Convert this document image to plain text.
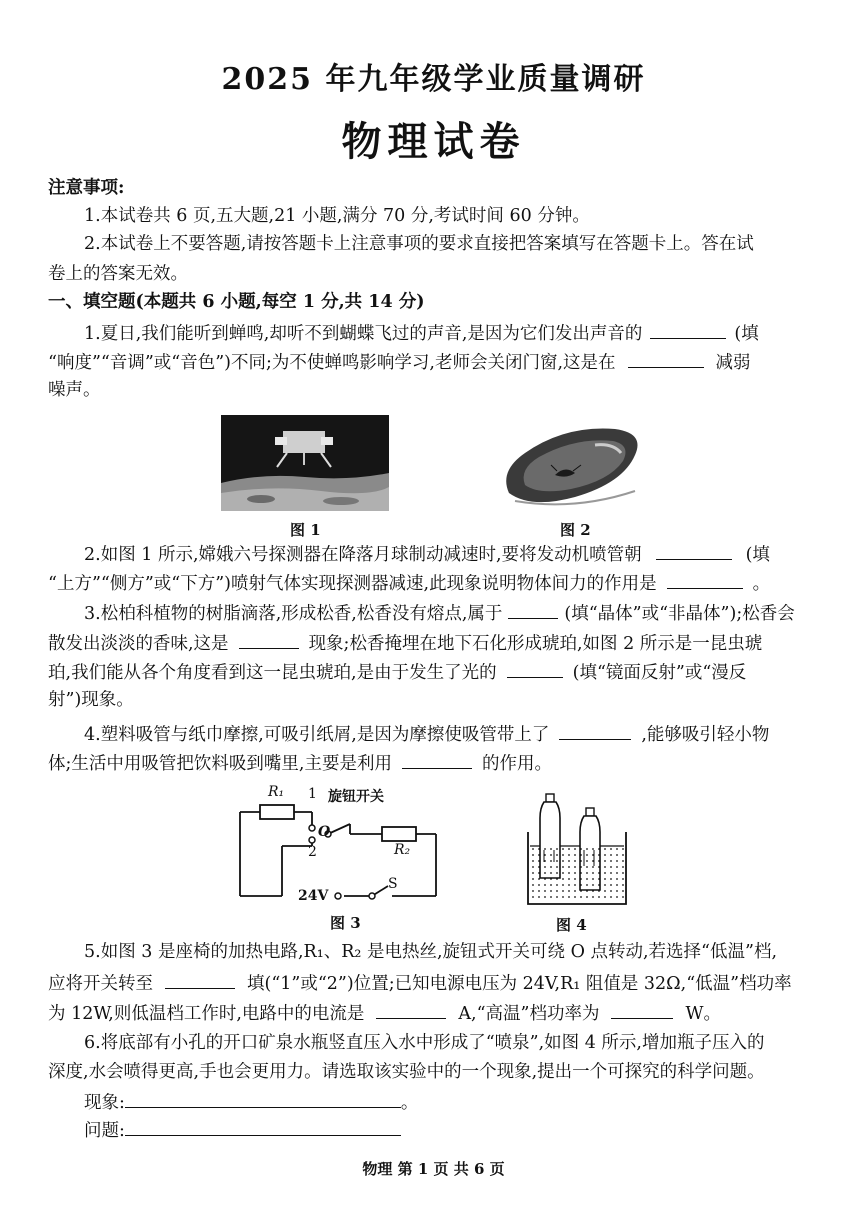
2025 年九年级学业质量调研
物理试卷
注意事项:
1.本试卷共 6 页,五大题,21 小题,满分 70 分,考试时间 60 分钟。
2.本试卷上不要答题,请按答题卡上注意事项的要求直接把答案填写在答题卡上。答在试
卷上的答案无效。
一、填空题(本题共 6 小题,每空 1 分,共 14 分)
1.夏日,我们能听到蝉鸣,却听不到蝴蝶飞过的声音,是因为它们发出声音的	(填
“响度”“音调”或“音色”)不同;为不使蝉鸣影响学习,老师会关闭门窗,这是在	减弱
噪声。
图 1	图 2
2.如图 1 所示,嫦娥六号探测器在降落月球制动减速时,要将发动机喷管朝	(填
“上方”“侧方”或“下方”)喷射气体实现探测器减速,此现象说明物体间力的作用是	。
3.松柏科植物的树脂滴落,形成松香,松香没有熔点,属于	(填“晶体”或“非晶体”);松香会
散发出淡淡的香味,这是	现象;松香掩埋在地下石化形成琥珀,如图 2 所示是一昆虫琥
珀,我们能从各个角度看到这一昆虫琥珀,是由于发生了光的	(填“镜面反射”或“漫反
射”)现象。
4.塑料吸管与纸巾摩擦,可吸引纸屑,是因为摩擦使吸管带上了	,能够吸引轻小物
体;生活中用吸管把饮料吸到嘴里,主要是利用	的作用。
R₁ 1 旋钮开关
O
2	R₂
24V
S
图 3	图 4
5.如图 3 是座椅的加热电路,R₁、R₂ 是电热丝,旋钮式开关可绕 O 点转动,若选择“低温”档,
应将开关转至	填(“1”或“2”)位置;已知电源电压为 24V,R₁ 阻值是 32Ω,“低温”档功率
为 12W,则低温档工作时,电路中的电流是	A,“高温”档功率为	W。
6.将底部有小孔的开口矿泉水瓶竖直压入水中形成了“喷泉”,如图 4 所示,增加瓶子压入的
深度,水会喷得更高,手也会更用力。请选取该实验中的一个现象,提出一个可探究的科学问题。
现象:	。
问题:
物理 第 1 页 共 6 页
